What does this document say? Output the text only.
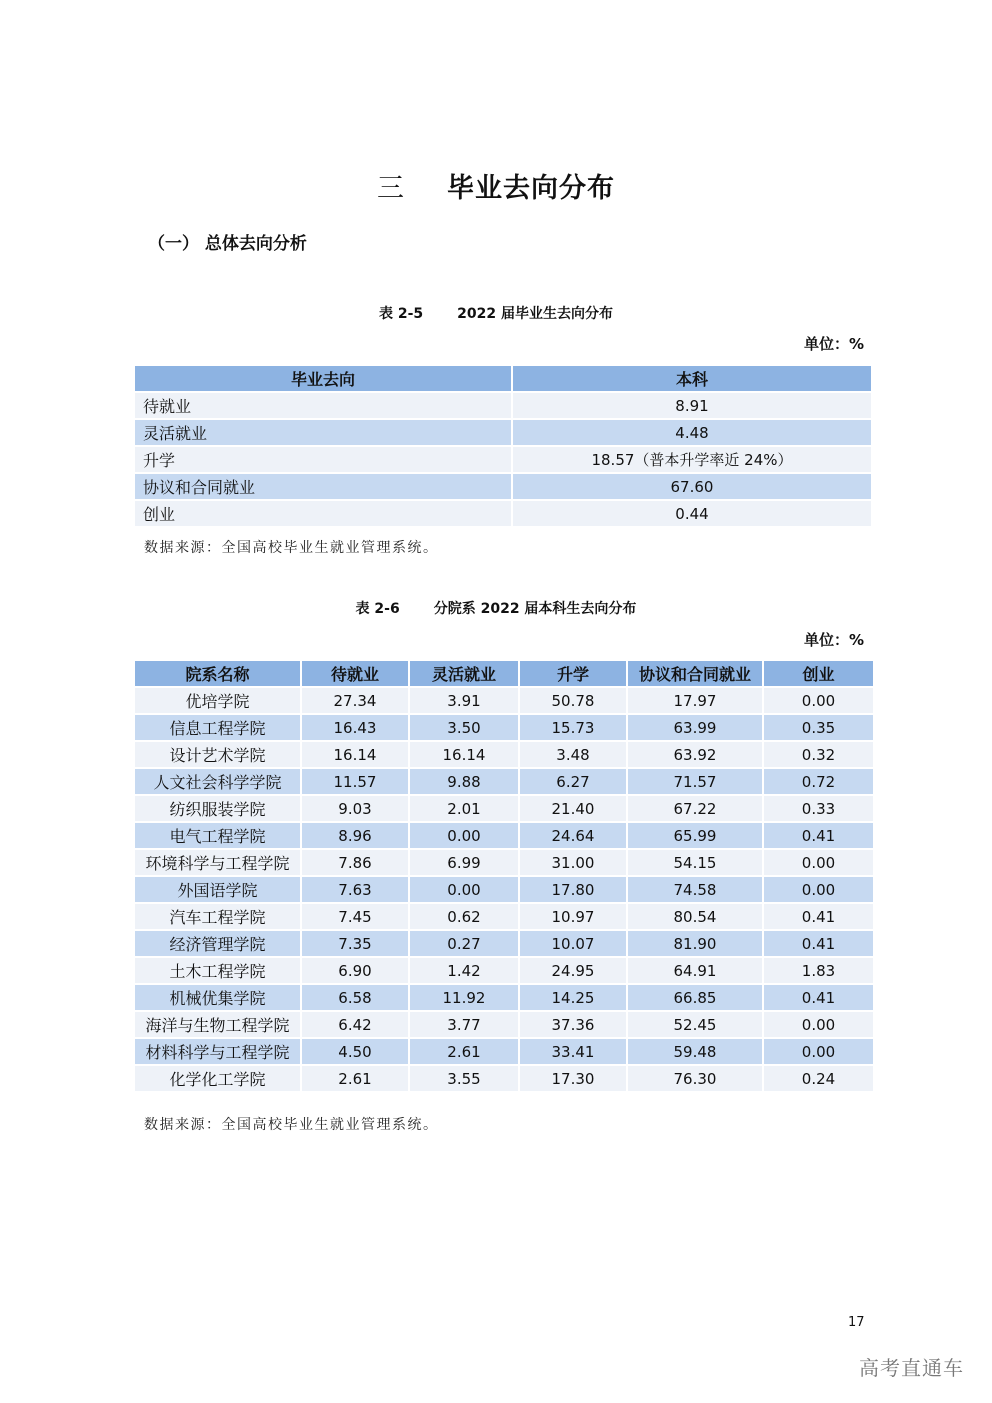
三 毕业去向分布
（一） 总体去向分析
表 2-5 2022 届毕业生去向分布
单位：%
毕业去向	本科
待就业	8.91
灵活就业	4.48
升学	18.57（普本升学率近 24%）
协议和合同就业	67.60
创业	0.44
数据来源：全国高校毕业生就业管理系统。
表 2-6 分院系 2022 届本科生去向分布
单位：%
院系名称	待就业	灵活就业	升学	协议和合同就业	创业
优培学院	27.34	3.91	50.78	17.97	0.00
信息工程学院	16.43	3.50	15.73	63.99	0.35
设计艺术学院	16.14	16.14	3.48	63.92	0.32
人文社会科学学院	11.57	9.88	6.27	71.57	0.72
纺织服装学院	9.03	2.01	21.40	67.22	0.33
电气工程学院	8.96	0.00	24.64	65.99	0.41
环境科学与工程学院	7.86	6.99	31.00	54.15	0.00
外国语学院	7.63	0.00	17.80	74.58	0.00
汽车工程学院	7.45	0.62	10.97	80.54	0.41
经济管理学院	7.35	0.27	10.07	81.90	0.41
土木工程学院	6.90	1.42	24.95	64.91	1.83
机械优集学院	6.58	11.92	14.25	66.85	0.41
海洋与生物工程学院	6.42	3.77	37.36	52.45	0.00
材料科学与工程学院	4.50	2.61	33.41	59.48	0.00
化学化工学院	2.61	3.55	17.30	76.30	0.24
数据来源：全国高校毕业生就业管理系统。
17
高考直通车
